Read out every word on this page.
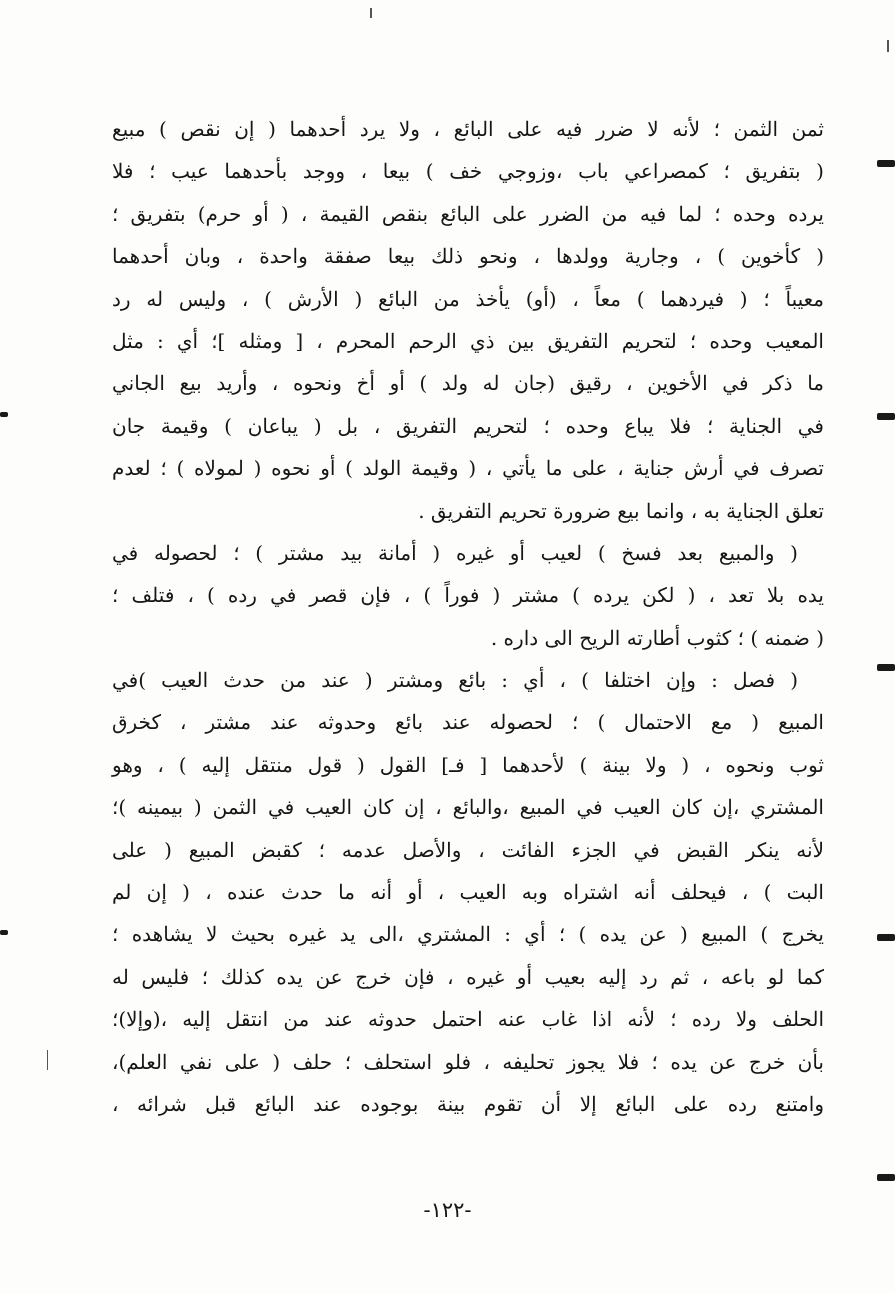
ثمن الثمن ؛ لأنه لا ضرر فيه على البائع ، ولا يرد أحدهما ( إن نقص ) مبيع
( بتفريق ؛ كمصراعي باب ،وزوجي خف ) بيعا ، ووجد بأحدهما عيب ؛ فلا
يرده وحده ؛ لما فيه من الضرر على البائع بنقص القيمة ، ( أو حرم) بتفريق ؛
( كأخوين ) ، وجارية وولدها ، ونحو ذلك بيعا صفقة واحدة ، وبان أحدهما
معيباً ؛ ( فيردهما ) معاً ، (أو) يأخذ من البائع ( الأرش ) ، وليس له رد
المعيب وحده ؛ لتحريم التفريق بين ذي الرحم المحرم ، [ ومثله ]؛ أي : مثل
ما ذكر في الأخوين ، رقيق (جان له ولد ) أو أخ ونحوه ، وأريد بيع الجاني
في الجناية ؛ فلا يباع وحده ؛ لتحريم التفريق ، بل ( يباعان ) وقيمة جان
تصرف في أرش جناية ، على ما يأتي ، ( وقيمة الولد ) أو نحوه ( لمولاه ) ؛ لعدم
تعلق الجناية به ، وانما بيع ضرورة تحريم التفريق .
( والمبيع بعد فسخ ) لعيب أو غيره ( أمانة بيد مشتر ) ؛ لحصوله في
يده بلا تعد ، ( لكن يرده ) مشتر ( فوراً ) ، فإن قصر في رده ) ، فتلف ؛
( ضمنه ) ؛ كثوب أطارته الريح الى داره .
( فصل : وإن اختلفا ) ، أي : بائع ومشتر ( عند من حدث العيب )في
المبيع ( مع الاحتمال ) ؛ لحصوله عند بائع وحدوثه عند مشتر ، كخرق
ثوب ونحوه ، ( ولا بينة ) لأحدهما [ فـ] القول ( قول منتقل إليه ) ، وهو
المشتري ،إن كان العيب في المبيع ،والبائع ، إن كان العيب في الثمن ( بيمينه )؛
لأنه ينكر القبض في الجزء الفائت ، والأصل عدمه ؛ كقبض المبيع ( على
البت ) ، فيحلف أنه اشتراه وبه العيب ، أو أنه ما حدث عنده ، ( إن لم
يخرج ) المبيع ( عن يده ) ؛ أي : المشتري ،الى يد غيره بحيث لا يشاهده ؛
كما لو باعه ، ثم رد إليه بعيب أو غيره ، فإن خرج عن يده كذلك ؛ فليس له
الحلف ولا رده ؛ لأنه اذا غاب عنه احتمل حدوثه عند من انتقل إليه ،(وإلا)؛
بأن خرج عن يده ؛ فلا يجوز تحليفه ، فلو استحلف ؛ حلف ( على نفي العلم)،
وامتنع رده على البائع إلا أن تقوم بينة بوجوده عند البائع قبل شرائه ،
-١٢٢-
